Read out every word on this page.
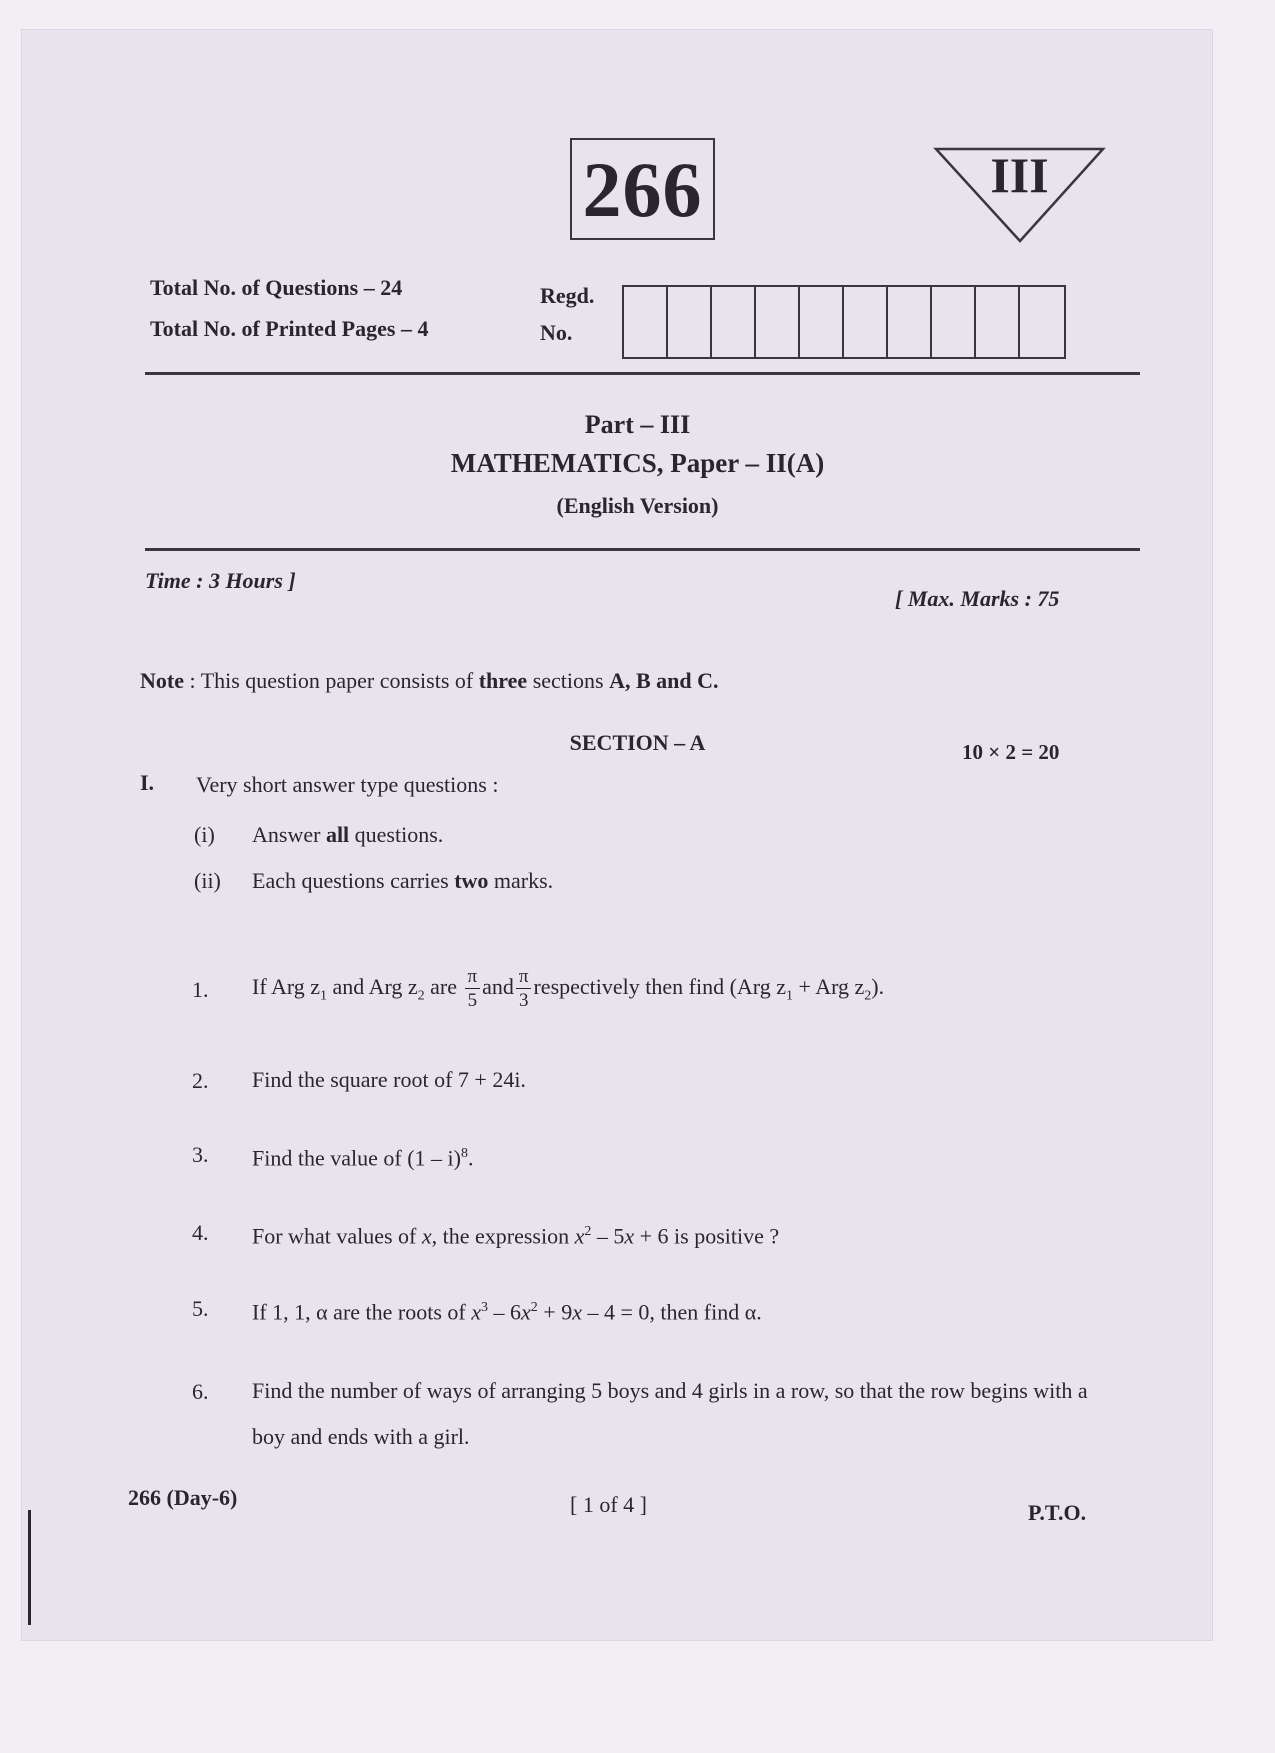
266	III
Total No. of Questions – 24
Total No. of Printed Pages – 4
Regd.
No.
Part – III
MATHEMATICS, Paper – II(A)
(English Version)
Time : 3 Hours ]
[ Max. Marks : 75
Note : This question paper consists of three sections A, B and C.
SECTION – A	10 × 2 = 20
I. Very short answer type questions :
(i) Answer all questions.
(ii) Each questions carries two marks.
1. If Arg $z_1$ and Arg $z_2$ are $\frac{\pi}{5}$ and $\frac{\pi}{3}$ respectively then find (Arg $z_1$ + Arg $z_2$).
2. Find the square root of 7 + 24i.
3. Find the value of (1 – i)$^8$.
4. For what values of x, the expression $x^2 - 5x + 6$ is positive ?
5. If 1, 1, α are the roots of $x^3 - 6x^2 + 9x - 4 = 0$, then find α.
6. Find the number of ways of arranging 5 boys and 4 girls in a row, so that the row begins with a boy and ends with a girl.
266 (Day-6)	[ 1 of 4 ]	P.T.O.
